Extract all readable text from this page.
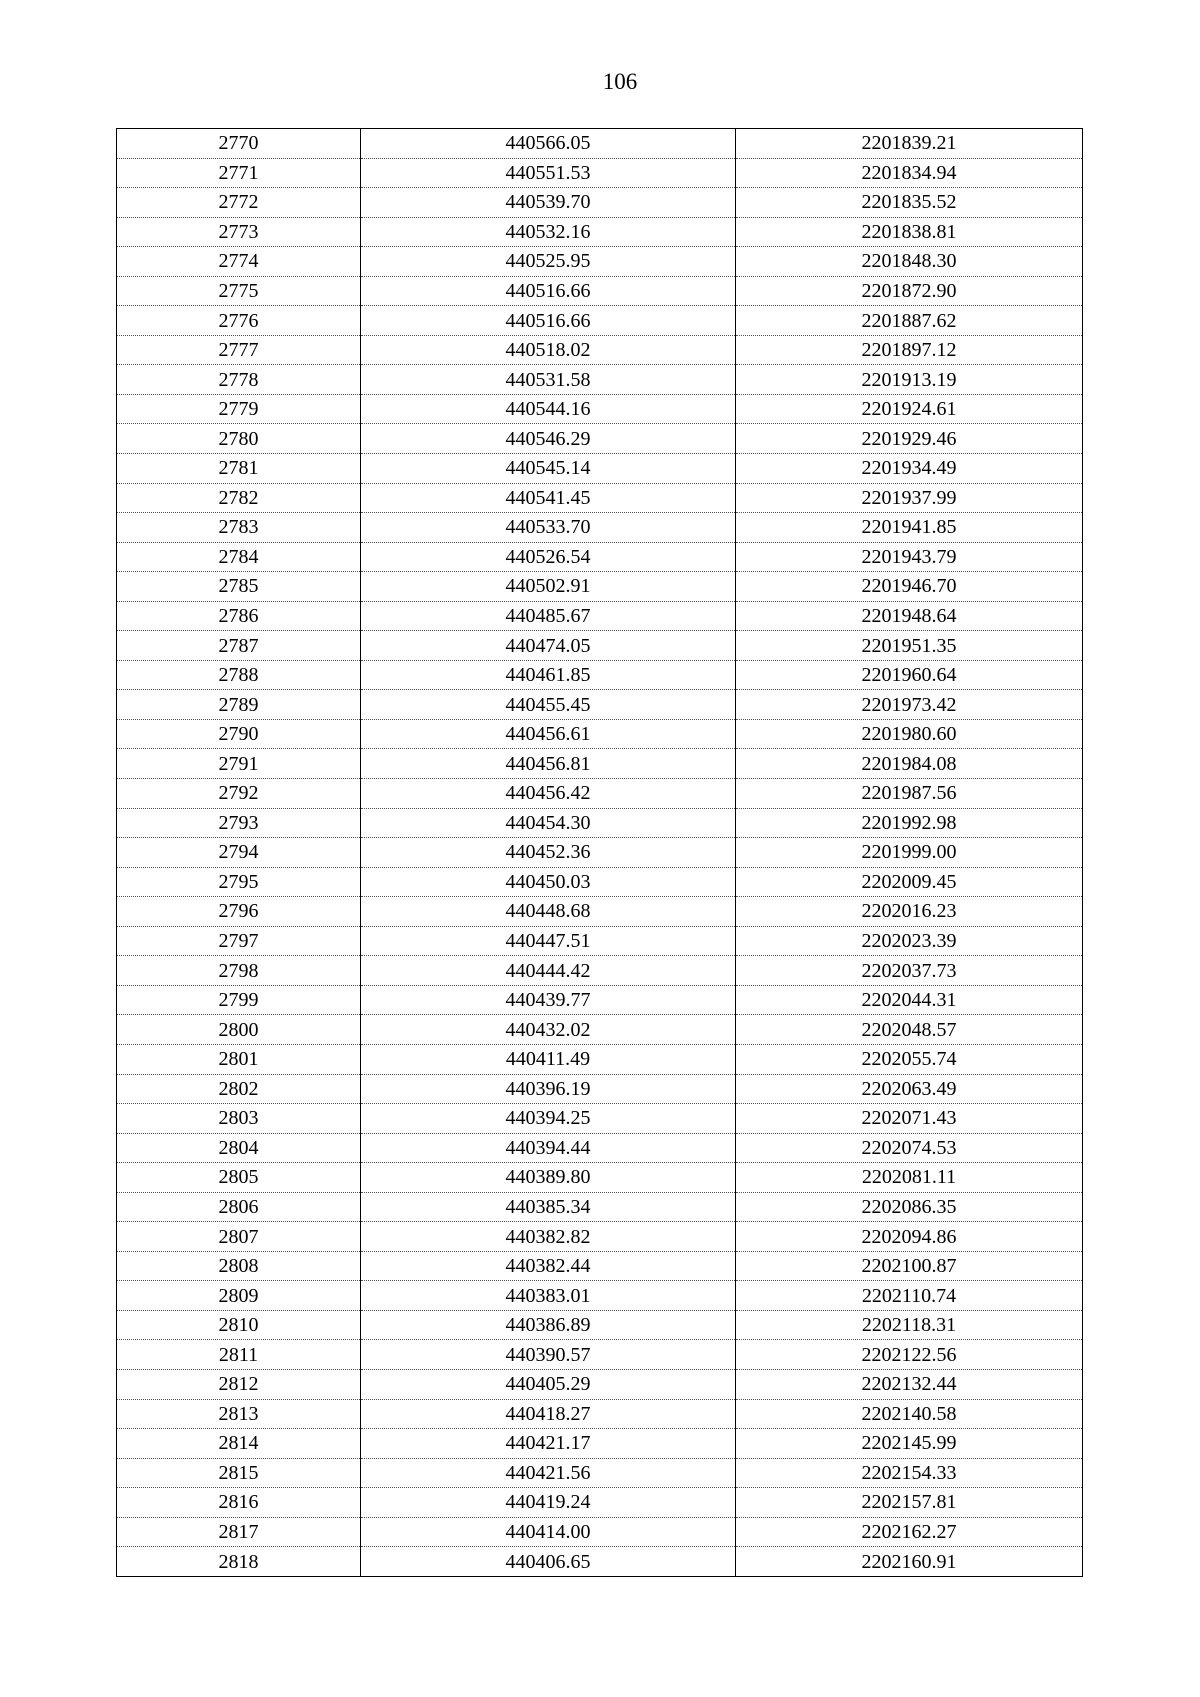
106
2770	440566.05	2201839.21
2771	440551.53	2201834.94
2772	440539.70	2201835.52
2773	440532.16	2201838.81
2774	440525.95	2201848.30
2775	440516.66	2201872.90
2776	440516.66	2201887.62
2777	440518.02	2201897.12
2778	440531.58	2201913.19
2779	440544.16	2201924.61
2780	440546.29	2201929.46
2781	440545.14	2201934.49
2782	440541.45	2201937.99
2783	440533.70	2201941.85
2784	440526.54	2201943.79
2785	440502.91	2201946.70
2786	440485.67	2201948.64
2787	440474.05	2201951.35
2788	440461.85	2201960.64
2789	440455.45	2201973.42
2790	440456.61	2201980.60
2791	440456.81	2201984.08
2792	440456.42	2201987.56
2793	440454.30	2201992.98
2794	440452.36	2201999.00
2795	440450.03	2202009.45
2796	440448.68	2202016.23
2797	440447.51	2202023.39
2798	440444.42	2202037.73
2799	440439.77	2202044.31
2800	440432.02	2202048.57
2801	440411.49	2202055.74
2802	440396.19	2202063.49
2803	440394.25	2202071.43
2804	440394.44	2202074.53
2805	440389.80	2202081.11
2806	440385.34	2202086.35
2807	440382.82	2202094.86
2808	440382.44	2202100.87
2809	440383.01	2202110.74
2810	440386.89	2202118.31
2811	440390.57	2202122.56
2812	440405.29	2202132.44
2813	440418.27	2202140.58
2814	440421.17	2202145.99
2815	440421.56	2202154.33
2816	440419.24	2202157.81
2817	440414.00	2202162.27
2818	440406.65	2202160.91
